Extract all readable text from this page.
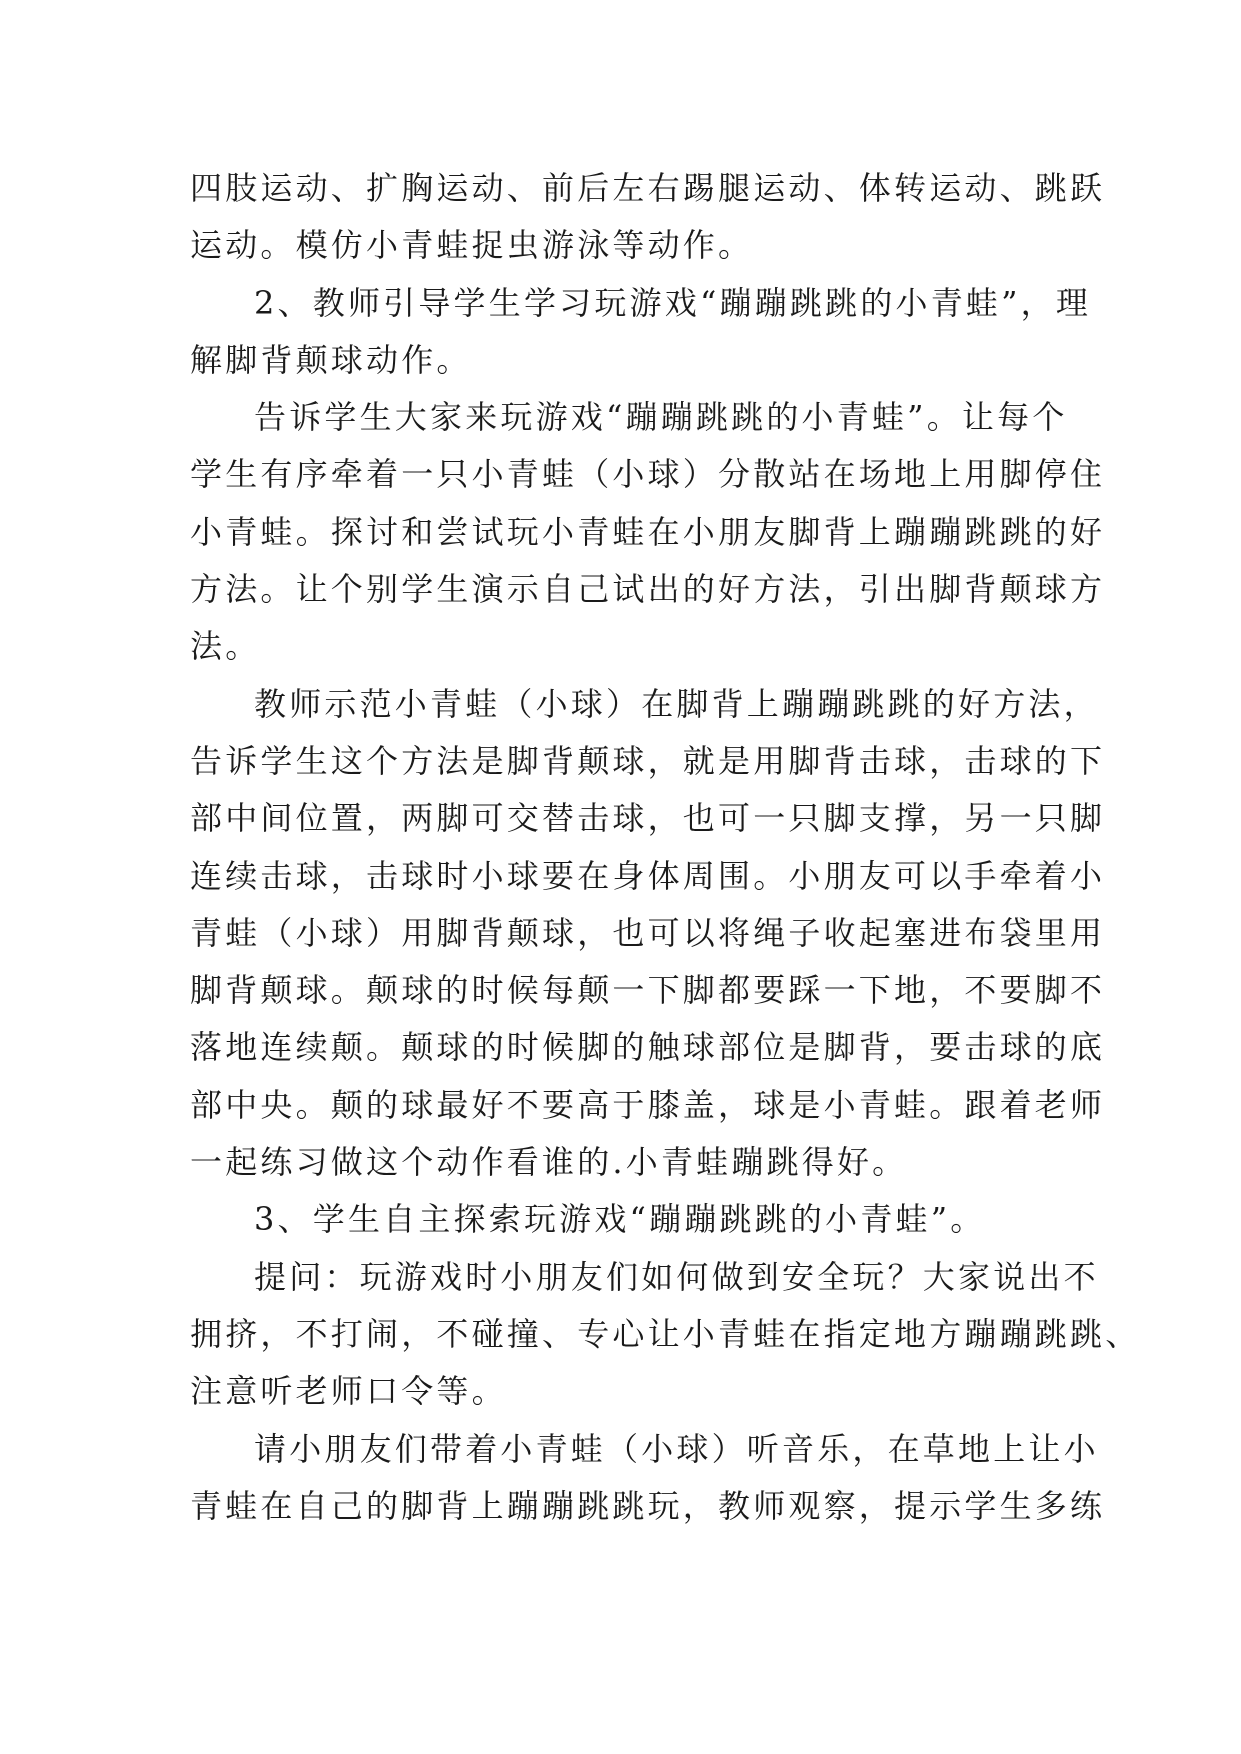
四肢运动、扩胸运动、前后左右踢腿运动、体转运动、跳跃
运动。模仿小青蛙捉虫游泳等动作。

2、教师引导学生学习玩游戏“蹦蹦跳跳的小青蛙”，理
解脚背颠球动作。

告诉学生大家来玩游戏“蹦蹦跳跳的小青蛙”。让每个
学生有序牵着一只小青蛙（小球）分散站在场地上用脚停住
小青蛙。探讨和尝试玩小青蛙在小朋友脚背上蹦蹦跳跳的好
方法。让个别学生演示自己试出的好方法，引出脚背颠球方
法。

教师示范小青蛙（小球）在脚背上蹦蹦跳跳的好方法，
告诉学生这个方法是脚背颠球，就是用脚背击球，击球的下
部中间位置，两脚可交替击球，也可一只脚支撑，另一只脚
连续击球，击球时小球要在身体周围。小朋友可以手牵着小
青蛙（小球）用脚背颠球，也可以将绳子收起塞进布袋里用
脚背颠球。颠球的时候每颠一下脚都要踩一下地，不要脚不
落地连续颠。颠球的时候脚的触球部位是脚背，要击球的底
部中央。颠的球最好不要高于膝盖，球是小青蛙。跟着老师
一起练习做这个动作看谁的.小青蛙蹦跳得好。

3、学生自主探索玩游戏“蹦蹦跳跳的小青蛙”。

提问：玩游戏时小朋友们如何做到安全玩？大家说出不
拥挤，不打闹，不碰撞、专心让小青蛙在指定地方蹦蹦跳跳、
注意听老师口令等。

请小朋友们带着小青蛙（小球）听音乐，在草地上让小
青蛙在自己的脚背上蹦蹦跳跳玩，教师观察，提示学生多练
